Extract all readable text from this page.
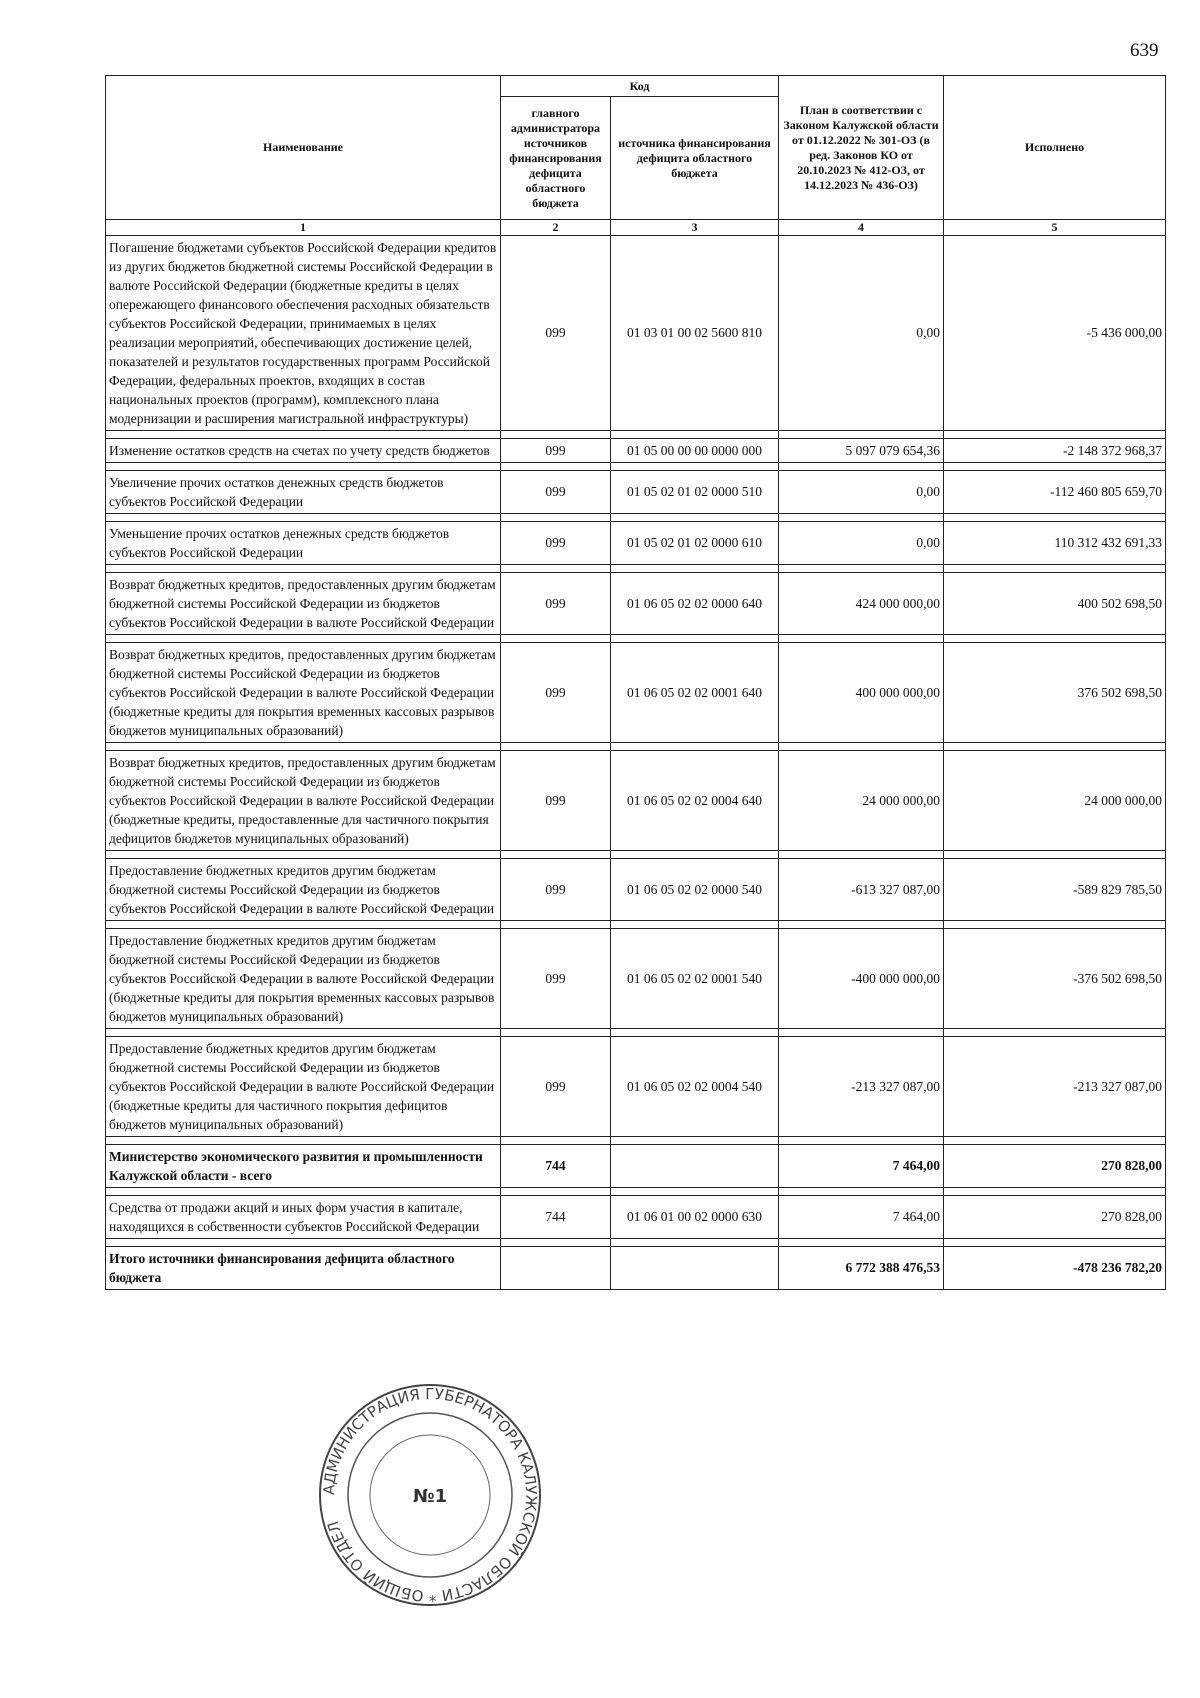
639
Наименование	Код		План в соответствии с Законом Калужской области от 01.12.2022 № 301-ОЗ (в ред. Законов КО от 20.10.2023 № 412-ОЗ, от 14.12.2023 № 436-ОЗ)	Исполнено
	главного администратора источников финансирования дефицита областного бюджета	источника финансирования дефицита областного бюджета		
1	2	3	4	5
Погашение бюджетами субъектов Российской Федерации кредитов из других бюджетов бюджетной системы Российской Федерации в валюте Российской Федерации (бюджетные кредиты в целях опережающего финансового обеспечения расходных обязательств субъектов Российской Федерации, принимаемых в целях реализации мероприятий, обеспечивающих достижение целей, показателей и результатов государственных программ Российской Федерации, федеральных проектов, входящих в состав национальных проектов (программ), комплексного плана модернизации и расширения магистральной инфраструктуры)	099	01 03 01 00 02 5600 810	0,00	-5 436 000,00

Изменение остатков средств на счетах по учету средств бюджетов	099	01 05 00 00 00 0000 000	5 097 079 654,36	-2 148 372 968,37

Увеличение прочих остатков денежных средств бюджетов субъектов Российской Федерации	099	01 05 02 01 02 0000 510	0,00	-112 460 805 659,70

Уменьшение прочих остатков денежных средств бюджетов субъектов Российской Федерации	099	01 05 02 01 02 0000 610	0,00	110 312 432 691,33

Возврат бюджетных кредитов, предоставленных другим бюджетам бюджетной системы Российской Федерации из бюджетов субъектов Российской Федерации в валюте Российской Федерации	099	01 06 05 02 02 0000 640	424 000 000,00	400 502 698,50

Возврат бюджетных кредитов, предоставленных другим бюджетам бюджетной системы Российской Федерации из бюджетов субъектов Российской Федерации в валюте Российской Федерации (бюджетные кредиты для покрытия временных кассовых разрывов бюджетов муниципальных образований)	099	01 06 05 02 02 0001 640	400 000 000,00	376 502 698,50

Возврат бюджетных кредитов, предоставленных другим бюджетам бюджетной системы Российской Федерации из бюджетов субъектов Российской Федерации в валюте Российской Федерации (бюджетные кредиты, предоставленные для частичного покрытия дефицитов бюджетов муниципальных образований)	099	01 06 05 02 02 0004 640	24 000 000,00	24 000 000,00

Предоставление бюджетных кредитов другим бюджетам бюджетной системы Российской Федерации из бюджетов субъектов Российской Федерации в валюте Российской Федерации	099	01 06 05 02 02 0000 540	-613 327 087,00	-589 829 785,50

Предоставление бюджетных кредитов другим бюджетам бюджетной системы Российской Федерации из бюджетов субъектов Российской Федерации в валюте Российской Федерации (бюджетные кредиты для покрытия временных кассовых разрывов бюджетов муниципальных образований)	099	01 06 05 02 02 0001 540	-400 000 000,00	-376 502 698,50

Предоставление бюджетных кредитов другим бюджетам бюджетной системы Российской Федерации из бюджетов субъектов Российской Федерации в валюте Российской Федерации (бюджетные кредиты для частичного покрытия дефицитов бюджетов муниципальных образований)	099	01 06 05 02 02 0004 540	-213 327 087,00	-213 327 087,00

Министерство экономического развития и промышленности Калужской области - всего	744		7 464,00	270 828,00

Средства от продажи акций и иных форм участия в капитале, находящихся в собственности субъектов Российской Федерации	744	01 06 01 00 02 0000 630	7 464,00	270 828,00

Итого источники финансирования дефицита областного бюджета			6 772 388 476,53	-478 236 782,20
АДМИНИСТРАЦИЯ ГУБЕРНАТОРА КАЛУЖСКОЙ ОБЛАСТИ * ОБЩИЙ ОТДЕЛ
№1
